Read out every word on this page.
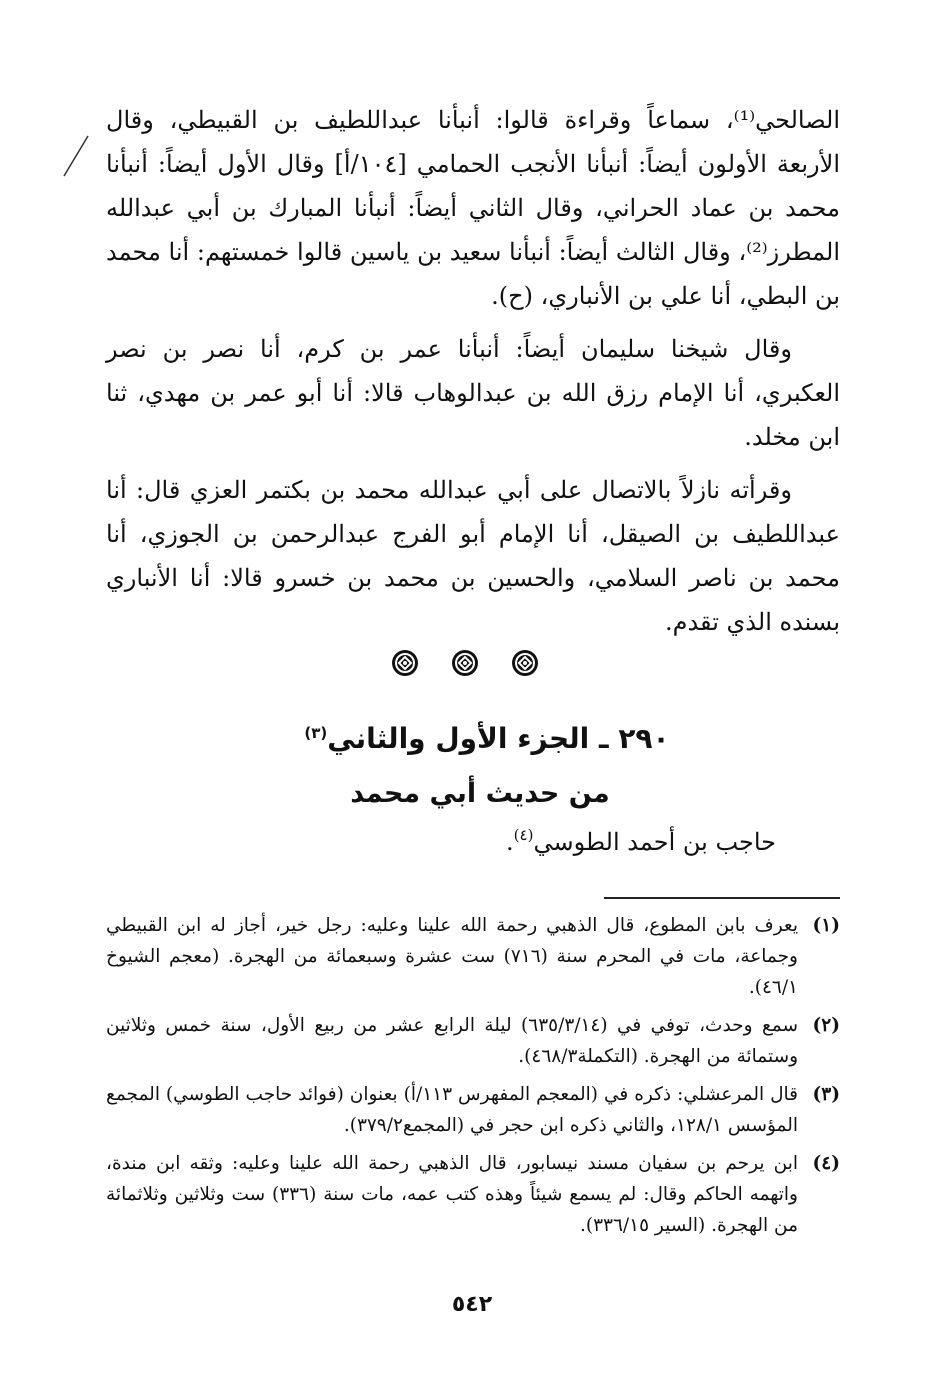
الصالحي⁽¹⁾، سماعاً وقراءة قالوا: أنبأنا عبداللطيف بن القبيطي، وقال الأربعة الأولون أيضاً: أنبأنا الأنجب الحمامي [١٠٤/أ] وقال الأول أيضاً: أنبأنا محمد بن عماد الحراني، وقال الثاني أيضاً: أنبأنا المبارك بن أبي عبدالله المطرز⁽²⁾، وقال الثالث أيضاً: أنبأنا سعيد بن ياسين قالوا خمستهم: أنا محمد بن البطي، أنا علي بن الأنباري، (ح).

وقال شيخنا سليمان أيضاً: أنبأنا عمر بن كرم، أنا نصر بن نصر العكبري، أنا الإمام رزق الله بن عبدالوهاب قالا: أنا أبو عمر بن مهدي، ثنا ابن مخلد.

وقرأته نازلاً بالاتصال على أبي عبدالله محمد بن بكتمر العزي قال: أنا عبداللطيف بن الصيقل، أنا الإمام أبو الفرج عبدالرحمن بن الجوزي، أنا محمد بن ناصر السلامي، والحسين بن محمد بن خسرو قالا: أنا الأنباري بسنده الذي تقدم.

٢٩٠ ـ الجزء الأول والثاني$^{(٣)}$
من حديث أبي محمد
حاجب بن أحمد الطوسي$^{(٤)}$.
(١)
يعرف بابن المطوع، قال الذهبي رحمة الله علينا وعليه: رجل خير، أجاز له ابن القبيطي وجماعة، مات في المحرم سنة (٧١٦) ست عشرة وسبعمائة من الهجرة. (معجم الشيوخ ٤٦/١).
(٢)
سمع وحدث، توفي في (٦٣٥/٣/١٤) ليلة الرابع عشر من ربيع الأول، سنة خمس وثلاثين وستمائة من الهجرة. (التكملة٤٦٨/٣).
(٣)
قال المرعشلي: ذكره في (المعجم المفهرس ١١٣/أ) بعنوان (فوائد حاجب الطوسي) المجمع المؤسس ١٢٨/١، والثاني ذكره ابن حجر في (المجمع٣٧٩/٢).
(٤)
ابن يرحم بن سفيان مسند نيسابور، قال الذهبي رحمة الله علينا وعليه: وثقه ابن مندة، واتهمه الحاكم وقال: لم يسمع شيئاً وهذه كتب عمه، مات سنة (٣٣٦) ست وثلاثين وثلاثمائة من الهجرة. (السير ٣٣٦/١٥).
٥٤٢
